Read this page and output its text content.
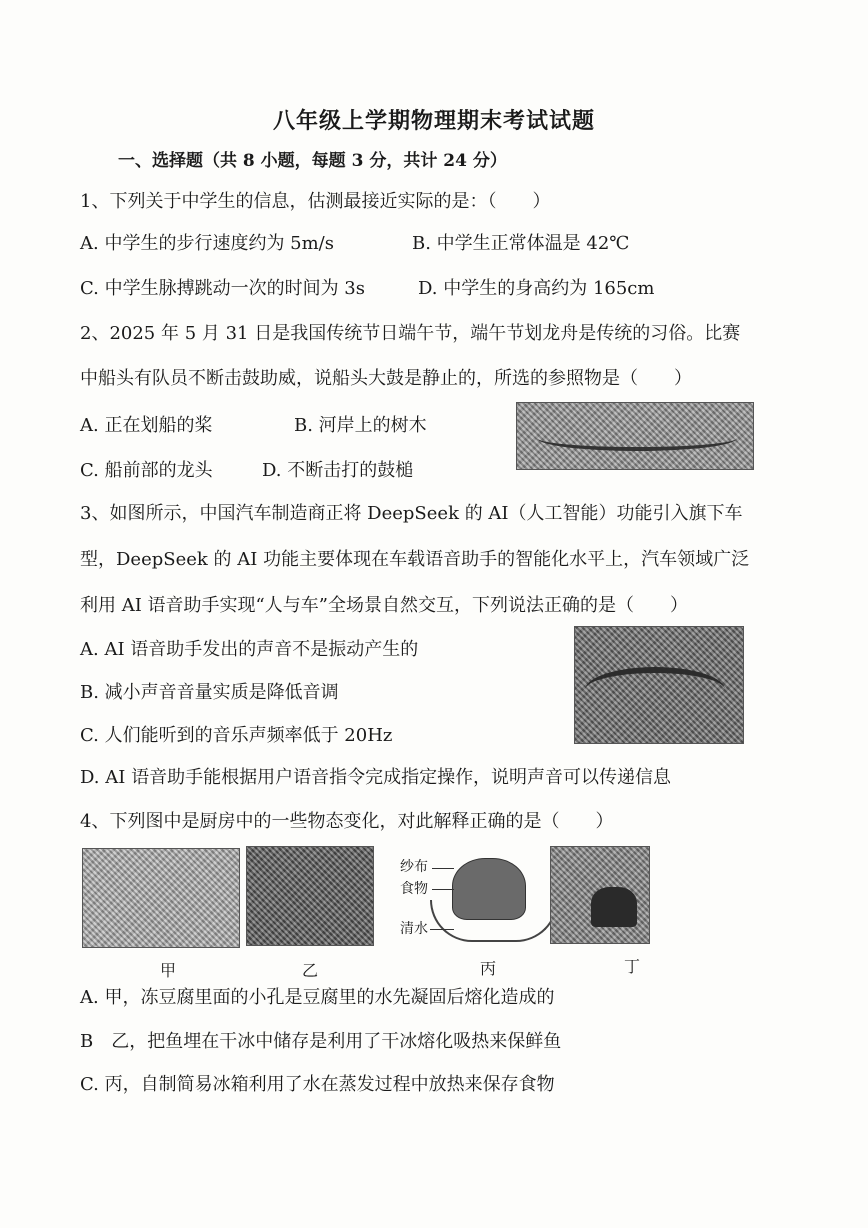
八年级上学期物理期末考试试题
一、选择题（共 8 小题，每题 3 分，共计 24 分）
1、下列关于中学生的信息，估测最接近实际的是：（　　）
A. 中学生的步行速度约为 5m/s	B. 中学生正常体温是 42℃
C. 中学生脉搏跳动一次的时间为 3s	D. 中学生的身高约为 165cm
2、2025 年 5 月 31 日是我国传统节日端午节，端午节划龙舟是传统的习俗。比赛
中船头有队员不断击鼓助威，说船头大鼓是静止的，所选的参照物是（　　）
A. 正在划船的桨	B. 河岸上的树木
C. 船前部的龙头	D. 不断击打的鼓槌
3、如图所示，中国汽车制造商正将 DeepSeek 的 AI（人工智能）功能引入旗下车
型，DeepSeek 的 AI 功能主要体现在车载语音助手的智能化水平上，汽车领域广泛
利用 AI 语音助手实现“人与车”全场景自然交互，下列说法正确的是（　　）
A. AI 语音助手发出的声音不是振动产生的
B. 减小声音音量实质是降低音调
C. 人们能听到的音乐声频率低于 20Hz
D. AI 语音助手能根据用户语音指令完成指定操作，说明声音可以传递信息
4、下列图中是厨房中的一些物态变化，对此解释正确的是（　　）
纱布
食物
清水
甲	乙	丙	丁
A. 甲，冻豆腐里面的小孔是豆腐里的水先凝固后熔化造成的
B　乙，把鱼埋在干冰中储存是利用了干冰熔化吸热来保鲜鱼
C. 丙，自制简易冰箱利用了水在蒸发过程中放热来保存食物
